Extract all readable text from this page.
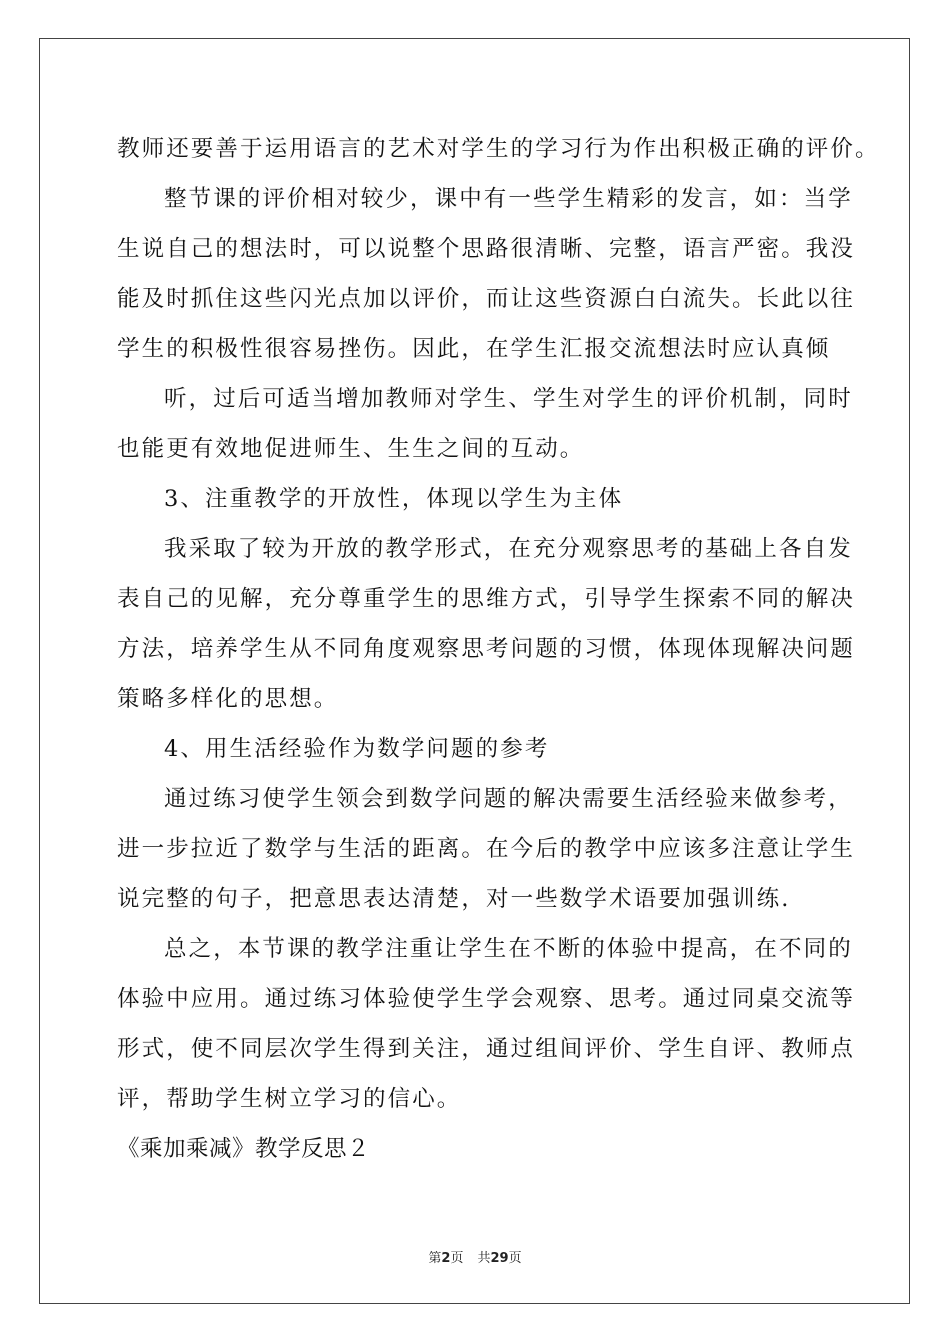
教师还要善于运用语言的艺术对学生的学习行为作出积极正确的评价。
整节课的评价相对较少，课中有一些学生精彩的发言，如：当学
生说自己的想法时，可以说整个思路很清晰、完整，语言严密。我没
能及时抓住这些闪光点加以评价，而让这些资源白白流失。长此以往
学生的积极性很容易挫伤。因此，在学生汇报交流想法时应认真倾
听，过后可适当增加教师对学生、学生对学生的评价机制，同时
也能更有效地促进师生、生生之间的互动。
3、注重教学的开放性，体现以学生为主体
我采取了较为开放的教学形式，在充分观察思考的基础上各自发
表自己的见解，充分尊重学生的思维方式，引导学生探索不同的解决
方法，培养学生从不同角度观察思考问题的习惯，体现体现解决问题
策略多样化的思想。
4、用生活经验作为数学问题的参考
通过练习使学生领会到数学问题的解决需要生活经验来做参考，
进一步拉近了数学与生活的距离。在今后的教学中应该多注意让学生
说完整的句子，把意思表达清楚，对一些数学术语要加强训练.
总之，本节课的教学注重让学生在不断的体验中提高，在不同的
体验中应用。通过练习体验使学生学会观察、思考。通过同桌交流等
形式，使不同层次学生得到关注，通过组间评价、学生自评、教师点
评，帮助学生树立学习的信心。
《乘加乘减》教学反思２
第2页 共29页
